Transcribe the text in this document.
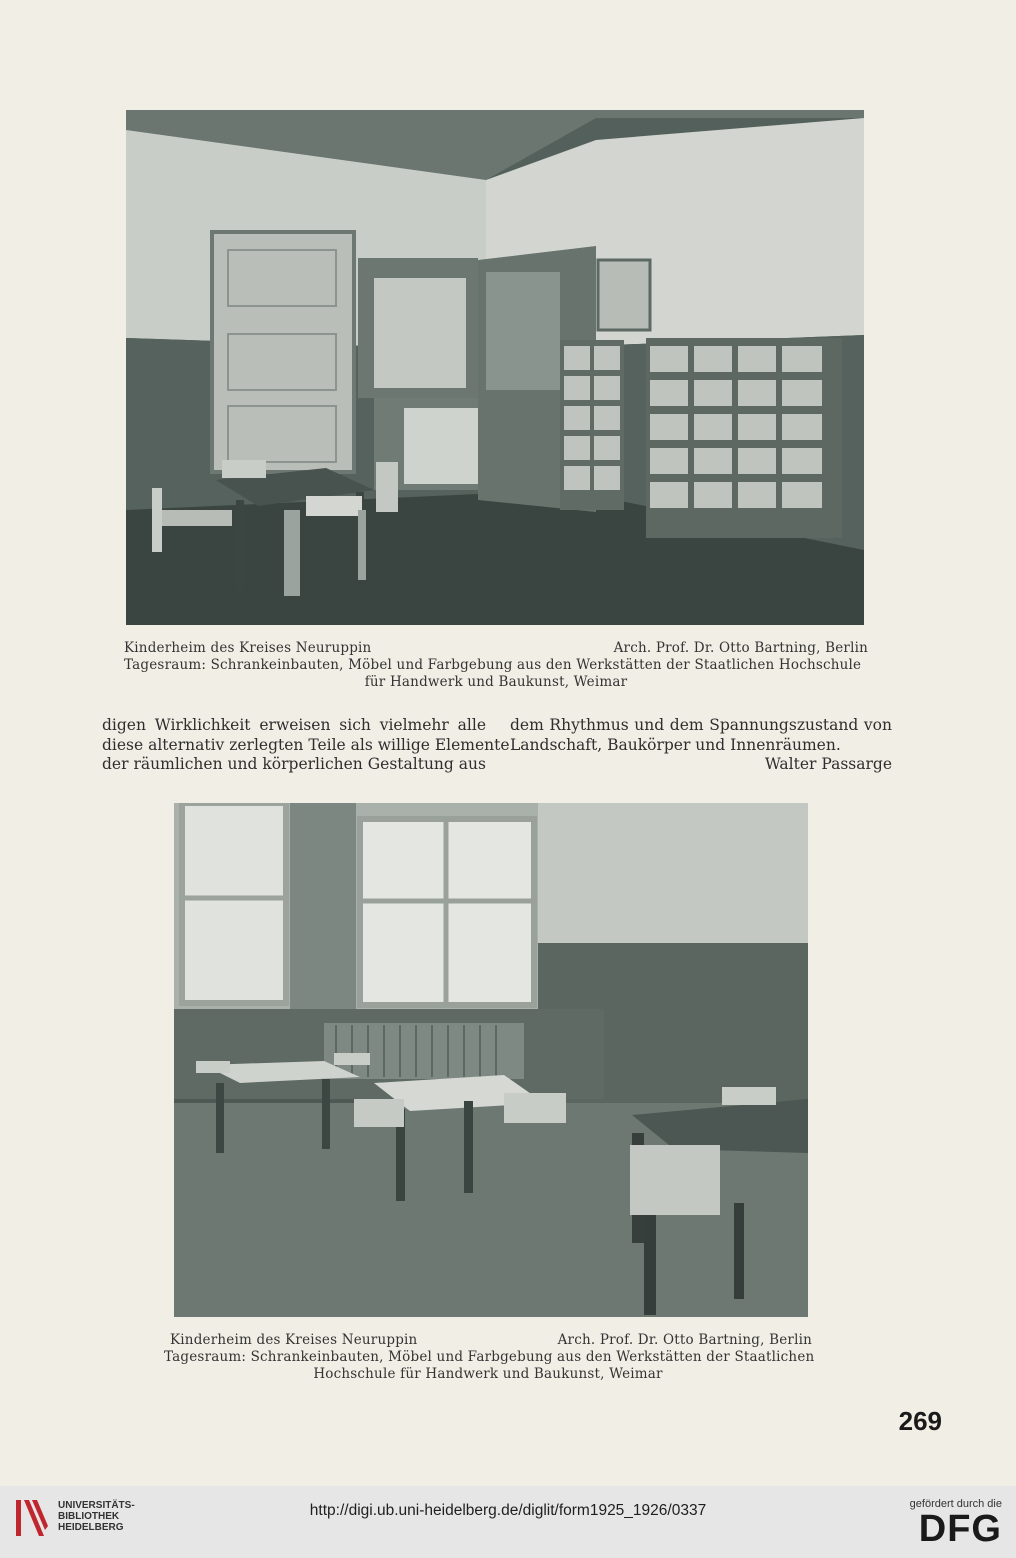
Kinderheim des Kreises Neuruppin	Arch. Prof. Dr. Otto Bartning, Berlin
Tagesraum: Schrankeinbauten, Möbel und Farbgebung aus den Werkstätten der Staatlichen Hochschule
für Handwerk und Baukunst, Weimar
digen Wirklichkeit erweisen sich vielmehr alle
diese alternativ zerlegten Teile als willige Elemente
der räumlichen und körperlichen Gestaltung aus
dem Rhythmus und dem Spannungszustand von
Landschaft, Baukörper und Innenräumen.
Walter Passarge
Kinderheim des Kreises Neuruppin	Arch. Prof. Dr. Otto Bartning, Berlin
Tagesraum: Schrankeinbauten, Möbel und Farbgebung aus den Werkstätten der Staatlichen
Hochschule für Handwerk und Baukunst, Weimar
269
UNIVERSITÄTS-
BIBLIOTHEK
HEIDELBERG
http://digi.ub.uni-heidelberg.de/diglit/form1925_1926/0337	gefördert durch die
DFG
